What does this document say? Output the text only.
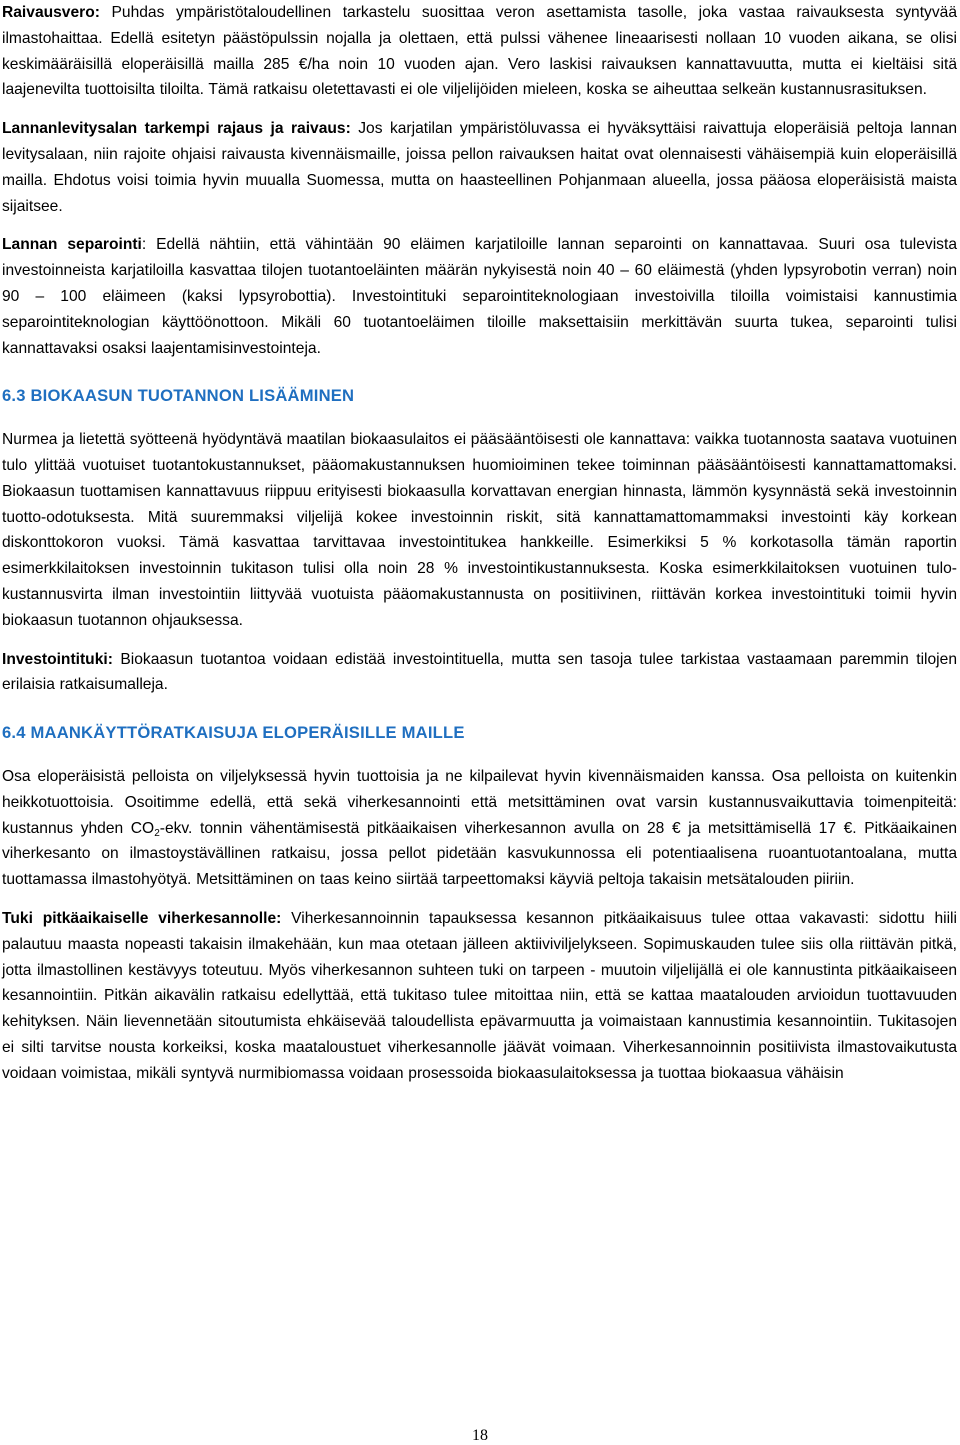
Raivausvero: Puhdas ympäristötaloudellinen tarkastelu suosittaa veron asettamista tasolle, joka vastaa raivauksesta syntyvää ilmastohaittaa. Edellä esitetyn päästöpulssin nojalla ja olettaen, että pulssi vähenee lineaarisesti nollaan 10 vuoden aikana, se olisi keskimääräisillä eloperäisillä mailla 285 €/ha noin 10 vuoden ajan. Vero laskisi raivauksen kannattavuutta, mutta ei kieltäisi sitä laajenevilta tuottoisilta tiloilta. Tämä ratkaisu oletettavasti ei ole viljelijöiden mieleen, koska se aiheuttaa selkeän kustannusrasituksen.

Lannanlevitysalan tarkempi rajaus ja raivaus: Jos karjatilan ympäristöluvassa ei hyväksyttäisi raivattuja eloperäisiä peltoja lannan levitysalaan, niin rajoite ohjaisi raivausta kivennäismaille, joissa pellon raivauksen haitat ovat olennaisesti vähäisempiä kuin eloperäisillä mailla. Ehdotus voisi toimia hyvin muualla Suomessa, mutta on haasteellinen Pohjanmaan alueella, jossa pääosa eloperäisistä maista sijaitsee.

Lannan separointi: Edellä nähtiin, että vähintään 90 eläimen karjatiloille lannan separointi on kannattavaa. Suuri osa tulevista investoinneista karjatiloilla kasvattaa tilojen tuotantoeläinten määrän nykyisestä noin 40 – 60 eläimestä (yhden lypsyrobotin verran) noin 90 – 100 eläimeen (kaksi lypsyrobottia). Investointituki separointiteknologiaan investoivilla tiloilla voimistaisi kannustimia separointiteknologian käyttöönottoon. Mikäli 60 tuotantoeläimen tiloille maksettaisiin merkittävän suurta tukea, separointi tulisi kannattavaksi osaksi laajentamisinvestointeja.

6.3 BIOKAASUN TUOTANNON LISÄÄMINEN

Nurmea ja lietettä syötteenä hyödyntävä maatilan biokaasulaitos ei pääsääntöisesti ole kannattava: vaikka tuotannosta saatava vuotuinen tulo ylittää vuotuiset tuotantokustannukset, pääomakustannuksen huomioiminen tekee toiminnan pääsääntöisesti kannattamattomaksi. Biokaasun tuottamisen kannattavuus riippuu erityisesti biokaasulla korvattavan energian hinnasta, lämmön kysynnästä sekä investoinnin tuotto-odotuksesta. Mitä suuremmaksi viljelijä kokee investoinnin riskit, sitä kannattamattomammaksi investointi käy korkean diskonttokoron vuoksi. Tämä kasvattaa tarvittavaa investointitukea hankkeille. Esimerkiksi 5 % korkotasolla tämän raportin esimerkkilaitoksen investoinnin tukitason tulisi olla noin 28 % investointikustannuksesta. Koska esimerkkilaitoksen vuotuinen tulo-kustannusvirta ilman investointiin liittyvää vuotuista pääomakustannusta on positiivinen, riittävän korkea investointituki toimii hyvin biokaasun tuotannon ohjauksessa.

Investointituki: Biokaasun tuotantoa voidaan edistää investointituella, mutta sen tasoja tulee tarkistaa vastaamaan paremmin tilojen erilaisia ratkaisumalleja.

6.4 MAANKÄYTTÖRATKAISUJA ELOPERÄISILLE MAILLE

Osa eloperäisistä pelloista on viljelyksessä hyvin tuottoisia ja ne kilpailevat hyvin kivennäismaiden kanssa. Osa pelloista on kuitenkin heikkotuottoisia. Osoitimme edellä, että sekä viherkesannointi että metsittäminen ovat varsin kustannusvaikuttavia toimenpiteitä: kustannus yhden $CO_2$-ekv. tonnin vähentämisestä pitkäaikaisen viherkesannon avulla on 28 € ja metsittämisellä 17 €. Pitkäaikainen viherkesanto on ilmastoystävällinen ratkaisu, jossa pellot pidetään kasvukunnossa eli potentiaalisena ruoantuotantoalana, mutta tuottamassa ilmastohyötyä. Metsittäminen on taas keino siirtää tarpeettomaksi käyviä peltoja takaisin metsätalouden piiriin.

Tuki pitkäaikaiselle viherkesannolle: Viherkesannoinnin tapauksessa kesannon pitkäaikaisuus tulee ottaa vakavasti: sidottu hiili palautuu maasta nopeasti takaisin ilmakehään, kun maa otetaan jälleen aktiiviviljelykseen. Sopimuskauden tulee siis olla riittävän pitkä, jotta ilmastollinen kestävyys toteutuu. Myös viherkesannon suhteen tuki on tarpeen - muutoin viljelijällä ei ole kannustinta pitkäaikaiseen kesannointiin. Pitkän aikavälin ratkaisu edellyttää, että tukitaso tulee mitoittaa niin, että se kattaa maatalouden arvioidun tuottavuuden kehityksen. Näin lievennetään sitoutumista ehkäisevää taloudellista epävarmuutta ja voimaistaan kannustimia kesannointiin. Tukitasojen ei silti tarvitse nousta korkeiksi, koska maataloustuet viherkesannolle jäävät voimaan. Viherkesannoinnin positiivista ilmastovaikutusta voidaan voimistaa, mikäli syntyvä nurmibiomassa voidaan prosessoida biokaasulaitoksessa ja tuottaa biokaasua vähäisin

18
